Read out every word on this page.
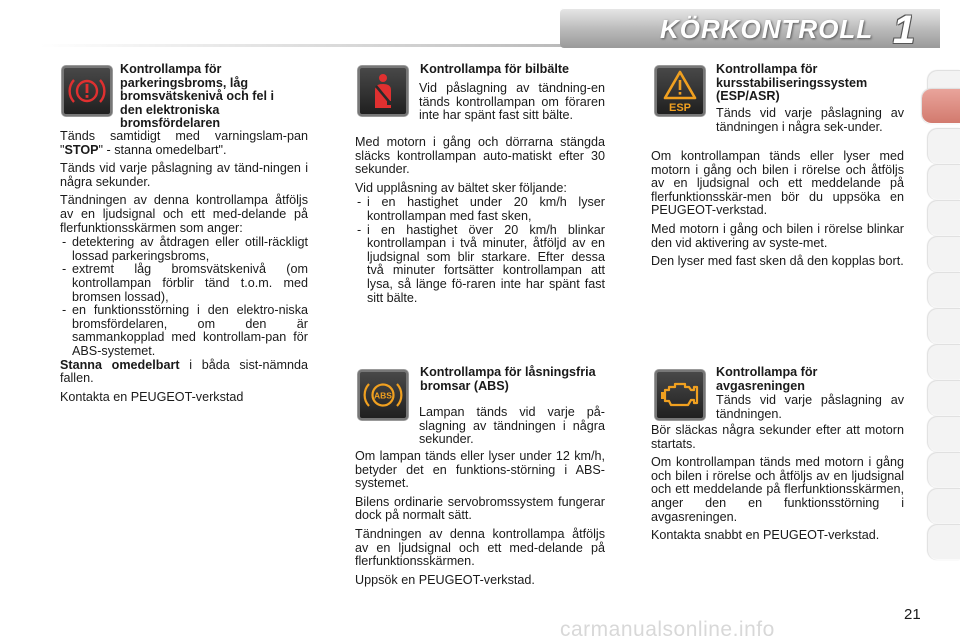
KÖRKONTROLL 1
Kontrollampa för parkeringsbroms, låg bromsvätskenivå och fel i den elektroniska bromsfördelaren

Tänds samtidigt med varningslam-pan "STOP" - stanna omedelbart".

Tänds vid varje påslagning av tänd-ningen i några sekunder.

Tändningen av denna kontrollampa åtföljs av en ljudsignal och ett med-delande på flerfunktionsskärmen som anger:

- detektering av åtdragen eller otill-räckligt lossad parkeringsbroms,

- extremt låg bromsvätskenivå (om kontrollampan förblir tänd t.o.m. med bromsen lossad),

- en funktionsstörning i den elektro-niska bromsfördelaren, om den är sammankopplad med kontrollam-pan för ABS-systemet.

Stanna omedelbart i båda sist-nämnda fallen.

Kontakta en PEUGEOT-verkstad

Kontrollampa för bilbälte

Vid påslagning av tändning-en tänds kontrollampan om föraren inte har spänt fast sitt bälte.

Med motorn i gång och dörrarna stängda släcks kontrollampan auto-matiskt efter 30 sekunder.

Vid upplåsning av bältet sker följande:

- i en hastighet under 20 km/h lyser kontrollampan med fast sken,

- i en hastighet över 20 km/h blinkar kontrollampan i två minuter, åtföljd av en ljudsignal som blir starkare. Efter dessa två minuter fortsätter kontrollampan att lysa, så länge fö-raren inte har spänt fast sitt bälte.

ESP
Kontrollampa för kursstabiliseringssystem (ESP/ASR)

Tänds vid varje påslagning av tändningen i några sek-under.

Om kontrollampan tänds eller lyser med motorn i gång och bilen i rörelse och åtföljs av en ljudsignal och ett meddelande på flerfunktionsskär-men bör du uppsöka en PEUGEOT-verkstad.

Med motorn i gång och bilen i rörelse blinkar den vid aktivering av syste-met.

Den lyser med fast sken då den kopplas bort.

ABS
Kontrollampa för låsningsfria bromsar (ABS)

Lampan tänds vid varje på-slagning av tändningen i några sekunder.

Om lampan tänds eller lyser under 12 km/h, betyder det en funktions-störning i ABS-systemet.

Bilens ordinarie servobromssystem fungerar dock på normalt sätt.

Tändningen av denna kontrollampa åtföljs av en ljudsignal och ett med-delande på flerfunktionsskärmen.

Uppsök en PEUGEOT-verkstad.

Kontrollampa för avgasreningen

Tänds vid varje påslagning av tändningen.

Bör släckas några sekunder efter att motorn startats.

Om kontrollampan tänds med motorn i gång och bilen i rörelse och åtföljs av en ljudsignal och ett meddelande på flerfunktionsskärmen, anger den en funktionsstörning i avgasreningen.

Kontakta snabbt en PEUGEOT-verkstad.

21
carmanualsonline.info
